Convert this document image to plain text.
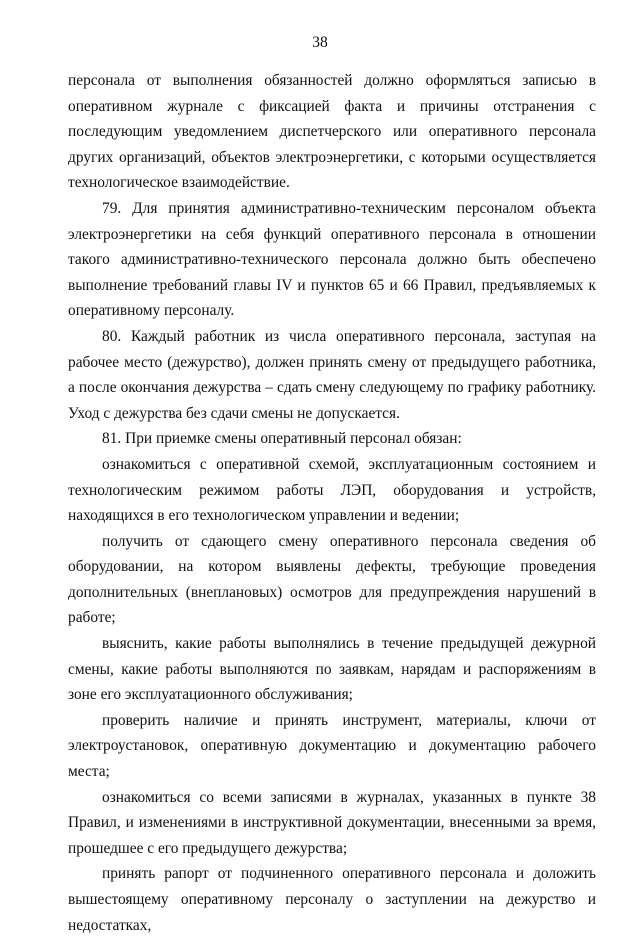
38

персонала от выполнения обязанностей должно оформляться записью в оперативном журнале с фиксацией факта и причины отстранения с последующим уведомлением диспетчерского или оперативного персонала других организаций, объектов электроэнергетики, с которыми осуществляется технологическое взаимодействие.

79. Для принятия административно-техническим персоналом объекта электроэнергетики на себя функций оперативного персонала в отношении такого административно-технического персонала должно быть обеспечено выполнение требований главы IV и пунктов 65 и 66 Правил, предъявляемых к оперативному персоналу.

80. Каждый работник из числа оперативного персонала, заступая на рабочее место (дежурство), должен принять смену от предыдущего работника, а после окончания дежурства – сдать смену следующему по графику работнику. Уход с дежурства без сдачи смены не допускается.

81. При приемке смены оперативный персонал обязан:

ознакомиться с оперативной схемой, эксплуатационным состоянием и технологическим режимом работы ЛЭП, оборудования и устройств, находящихся в его технологическом управлении и ведении;

получить от сдающего смену оперативного персонала сведения об оборудовании, на котором выявлены дефекты, требующие проведения дополнительных (внеплановых) осмотров для предупреждения нарушений в работе;

выяснить, какие работы выполнялись в течение предыдущей дежурной смены, какие работы выполняются по заявкам, нарядам и распоряжениям в зоне его эксплуатационного обслуживания;

проверить наличие и принять инструмент, материалы, ключи от электроустановок, оперативную документацию и документацию рабочего места;

ознакомиться со всеми записями в журналах, указанных в пункте 38 Правил, и изменениями в инструктивной документации, внесенными за время, прошедшее с его предыдущего дежурства;

принять рапорт от подчиненного оперативного персонала и доложить вышестоящему оперативному персоналу о заступлении на дежурство и недостатках,
